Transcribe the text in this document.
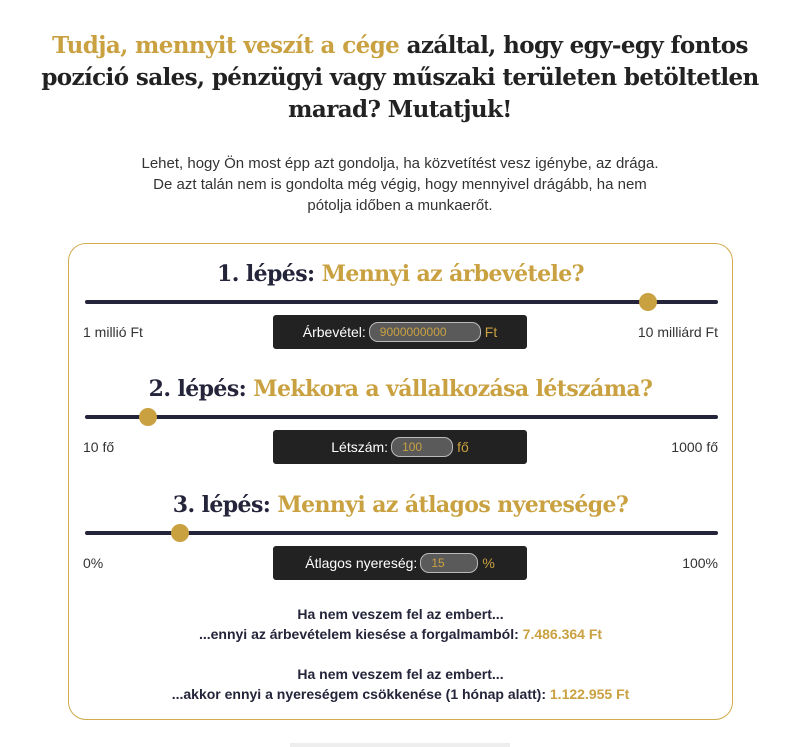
Tudja, mennyit veszít a cége azáltal, hogy egy-egy fontos pozíció sales, pénzügyi vagy műszaki területen betöltetlen marad? Mutatjuk!

Lehet, hogy Ön most épp azt gondolja, ha közvetítést vesz igénybe, az drága. De azt talán nem is gondolta még végig, hogy mennyivel drágább, ha nem pótolja időben a munkaerőt.

1. lépés: Mennyi az árbevétele?
1 millió Ft	10 milliárd Ft
Árbevétel:	9000000000	Ft
2. lépés: Mekkora a vállalkozása létszáma?
10 fő	1000 fő
Létszám:	100	fő
3. lépés: Mennyi az átlagos nyeresége?
0%	100%
Átlagos nyereség:	15	%
Ha nem veszem fel az embert...
...ennyi az árbevételem kiesése a forgalmamból: 7.486.364 Ft
Ha nem veszem fel az embert...
...akkor ennyi a nyereségem csökkenése (1 hónap alatt): 1.122.955 Ft
